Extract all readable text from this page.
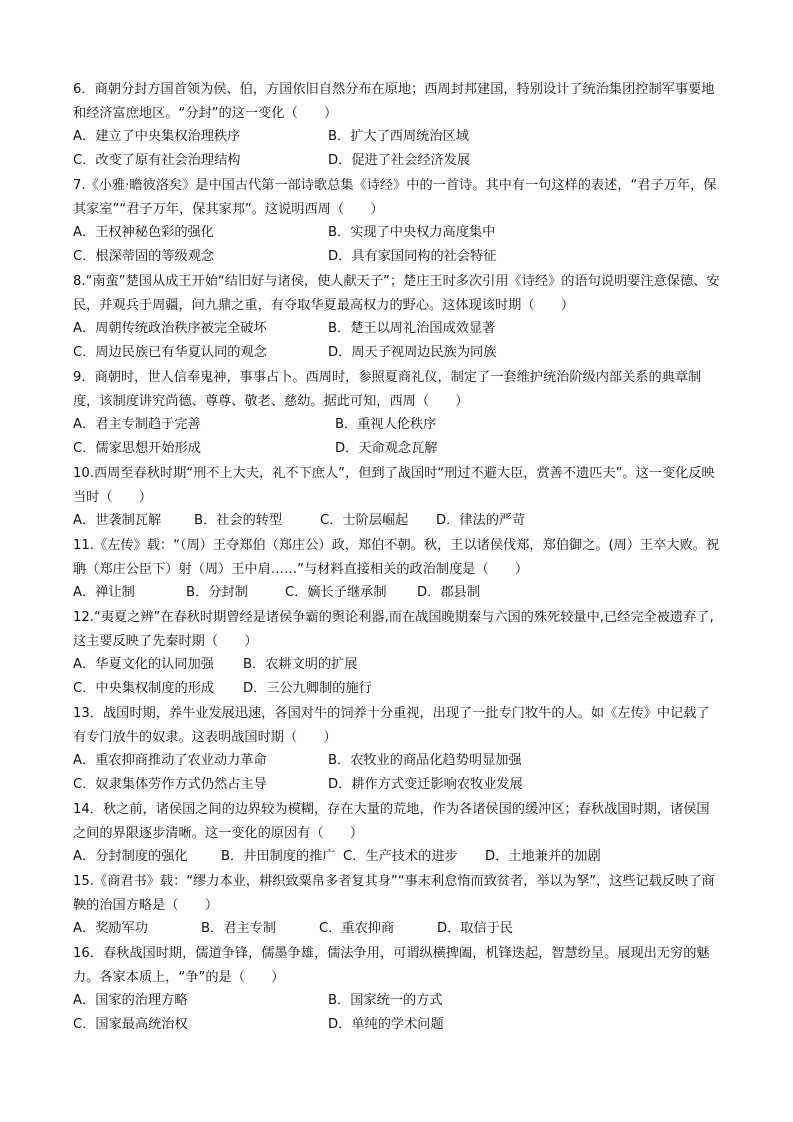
6．商朝分封方国首领为侯、伯，方国依旧自然分布在原地；西周封邦建国，特别设计了统治集团控制军事要地和经济富庶地区。“分封”的这一变化（　　）

A．建立了中央集权治理秩序	B．扩大了西周统治区域
C．改变了原有社会治理结构	D．促进了社会经济发展

7.《小雅·瞻彼洛矣》是中国古代第一部诗歌总集《诗经》中的一首诗。其中有一句这样的表述，“君子万年，保其家室”“君子万年，保其家邦”。这说明西周（　　）

A．王权神秘色彩的强化	B．实现了中央权力高度集中
C．根深蒂固的等级观念	D．具有家国同构的社会特征

8.“南蛮”楚国从成王开始“结旧好与诸侯，使人献天子”；楚庄王时多次引用《诗经》的语句说明要注意保德、安民，并观兵于周疆，问九鼎之重，有夺取华夏最高权力的野心。这体现该时期（　　）

A．周朝传统政治秩序被完全破坏	B．楚王以周礼治国成效显著
C．周边民族已有华夏认同的观念	D．周天子视周边民族为同族

9．商朝时，世人信奉鬼神，事事占卜。西周时，参照夏商礼仪，制定了一套维护统治阶级内部关系的典章制度，该制度讲究尚德、尊尊、敬老、慈幼。据此可知，西周（　　）

A．君主专制趋于完善	B．重视人伦秩序
C．儒家思想开始形成	D．天命观念瓦解

10.西周至春秋时期“刑不上大夫，礼不下庶人”，但到了战国时“刑过不避大臣，赏善不遗匹夫”。这一变化反映当时（　　）

A．世袭制瓦解 B．社会的转型	C．士阶层崛起 D．律法的严苛

11.《左传》载：“（周）王夺郑伯（郑庄公）政，郑伯不朝。秋，王以诸侯伐郑，郑伯御之。(周）王卒大败。祝聃（郑庄公臣下）射（周）王中肩……”与材料直接相关的政治制度是（　　）

A．禅让制	B．分封制	C．嫡长子继承制 D．郡县制

12.“夷夏之辨”在春秋时期曾经是诸侯争霸的舆论利器,而在战国晚期秦与六国的殊死较量中,已经完全被遗弃了,这主要反映了先秦时期（　　）

A．华夏文化的认同加强 B．农耕文明的扩展
C．中央集权制度的形成 D．三公九卿制的施行

13．战国时期，养牛业发展迅速，各国对牛的饲养十分重视，出现了一批专门牧牛的人。如《左传》中记载了有专门放牛的奴隶。这表明战国时期（　　）

A．重农抑商推动了农业动力革命	B．农牧业的商品化趋势明显加强
C．奴隶集体劳作方式仍然占主导	D．耕作方式变迁影响农牧业发展

14．秋之前，诸侯国之间的边界较为模糊，存在大量的荒地，作为各诸侯国的缓冲区；春秋战国时期，诸侯国之间的界限逐步清晰。这一变化的原因有（　　）

A．分封制度的强化	B．井田制度的推广 C．生产技术的进步 D．土地兼并的加剧

15.《商君书》载：“缪力本业，耕织致粟帛多者复其身”“事末利怠惰而致贫者，举以为孥”，这些记载反映了商鞅的治国方略是（　　）

A．奖励军功	B．君主专制	C．重农抑商	D．取信于民

16．春秋战国时期，儒道争锋，儒墨争雄，儒法争用，可谓纵横捭阖，机锋迭起，智慧纷呈。展现出无穷的魅力。各家本质上，“争”的是（　　）

A．国家的治理方略	B．国家统一的方式
C．国家最高统治权	D．单纯的学术问题
